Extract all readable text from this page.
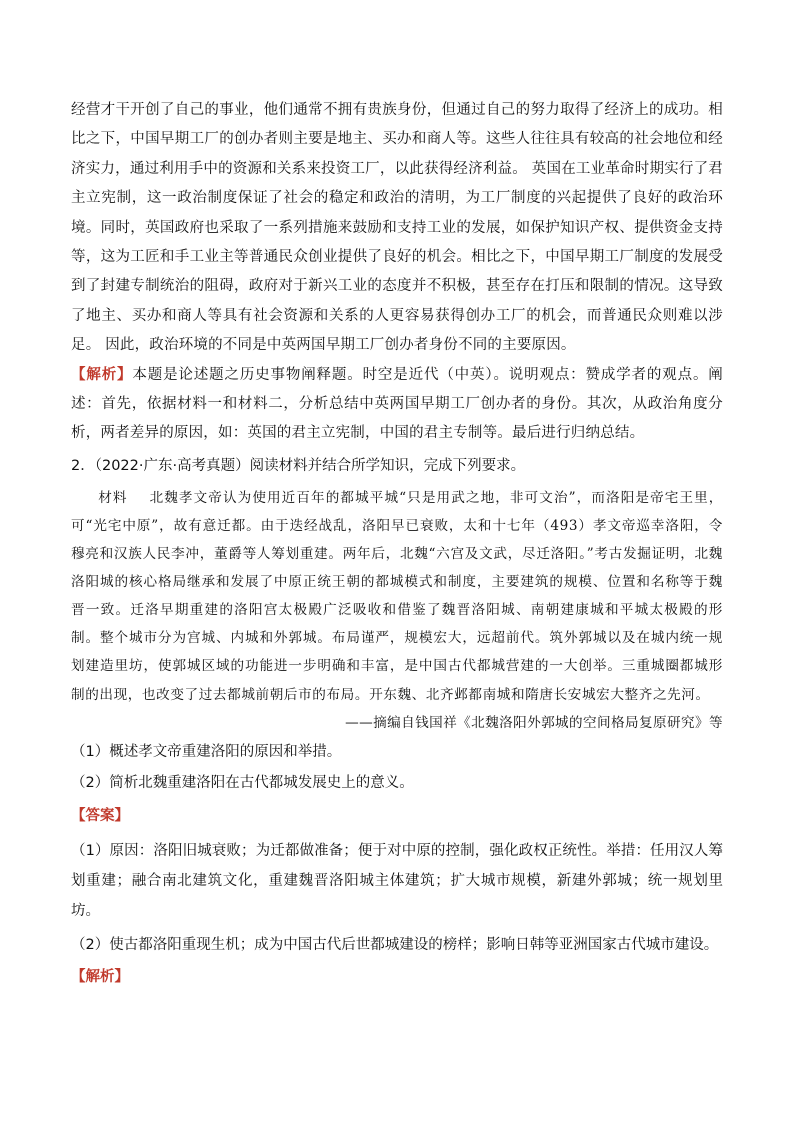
经营才干开创了自己的事业，他们通常不拥有贵族身份，但通过自己的努力取得了经济上的成功。相比之下，中国早期工厂的创办者则主要是地主、买办和商人等。这些人往往具有较高的社会地位和经济实力，通过利用手中的资源和关系来投资工厂，以此获得经济利益。 英国在工业革命时期实行了君主立宪制，这一政治制度保证了社会的稳定和政治的清明，为工厂制度的兴起提供了良好的政治环境。同时，英国政府也采取了一系列措施来鼓励和支持工业的发展，如保护知识产权、提供资金支持等，这为工匠和手工业主等普通民众创业提供了良好的机会。相比之下，中国早期工厂制度的发展受到了封建专制统治的阻碍，政府对于新兴工业的态度并不积极，甚至存在打压和限制的情况。这导致了地主、买办和商人等具有社会资源和关系的人更容易获得创办工厂的机会，而普通民众则难以涉足。 因此，政治环境的不同是中英两国早期工厂创办者身份不同的主要原因。

【解析】本题是论述题之历史事物阐释题。时空是近代（中英）。说明观点：赞成学者的观点。阐述：首先，依据材料一和材料二，分析总结中英两国早期工厂创办者的身份。其次，从政治角度分析，两者差异的原因，如：英国的君主立宪制，中国的君主专制等。最后进行归纳总结。

2．（2022·广东·高考真题）阅读材料并结合所学知识，完成下列要求。

材料 北魏孝文帝认为使用近百年的都城平城“只是用武之地，非可文治”，而洛阳是帝宅王里，可“光宅中原”，故有意迁都。由于迭经战乱，洛阳早已衰败，太和十七年（493）孝文帝巡幸洛阳，令穆亮和汉族人民李冲，董爵等人筹划重建。两年后，北魏“六宫及文武，尽迁洛阳。”考古发掘证明，北魏洛阳城的核心格局继承和发展了中原正统王朝的都城模式和制度，主要建筑的规模、位置和名称等于魏晋一致。迁洛早期重建的洛阳宫太极殿广泛吸收和借鉴了魏晋洛阳城、南朝建康城和平城太极殿的形制。整个城市分为宫城、内城和外郭城。布局谨严，规模宏大，远超前代。筑外郭城以及在城内统一规划建造里坊，使郭城区域的功能进一步明确和丰富，是中国古代都城营建的一大创举。三重城圈都城形制的出现，也改变了过去都城前朝后市的布局。开东魏、北齐邺都南城和隋唐长安城宏大整齐之先河。
——摘编自钱国祥《北魏洛阳外郭城的空间格局复原研究》等

（1）概述孝文帝重建洛阳的原因和举措。

（2）简析北魏重建洛阳在古代都城发展史上的意义。

【答案】

（1）原因：洛阳旧城衰败；为迁都做准备；便于对中原的控制，强化政权正统性。举措：任用汉人筹划重建；融合南北建筑文化，重建魏晋洛阳城主体建筑；扩大城市规模，新建外郭城；统一规划里坊。

（2）使古都洛阳重现生机；成为中国古代后世都城建设的榜样；影响日韩等亚洲国家古代城市建设。

【解析】
